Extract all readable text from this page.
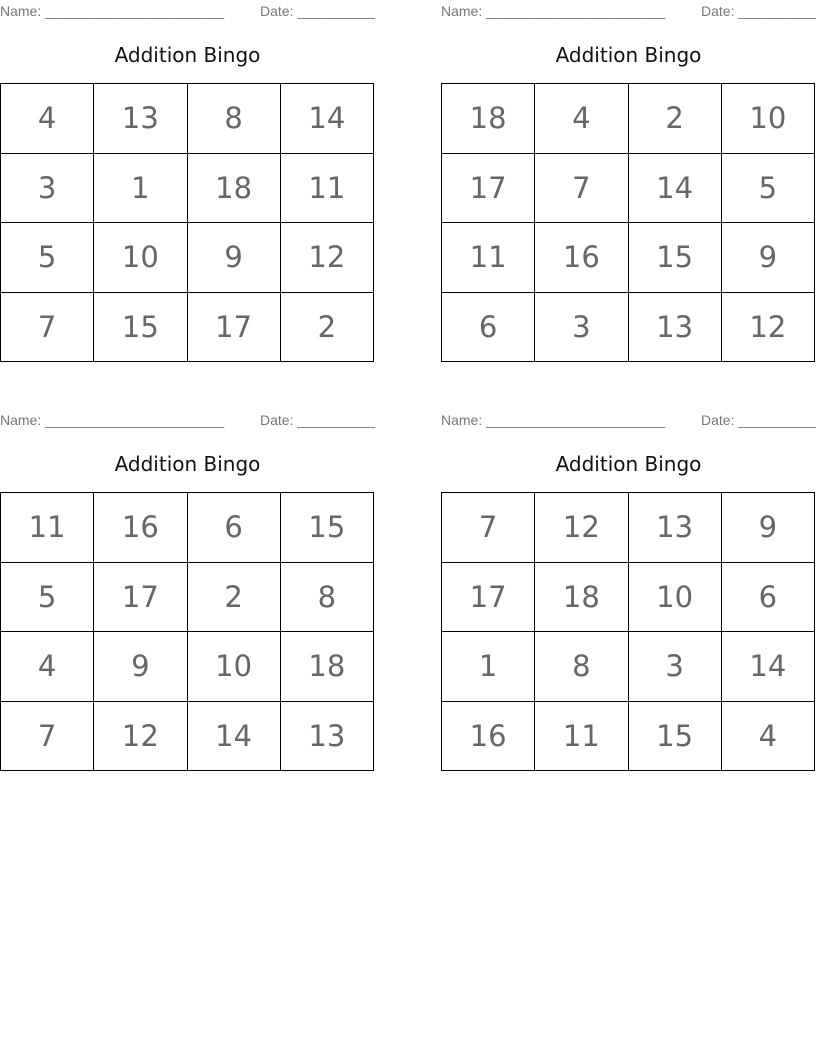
Name: _______________________	Date: __________
Addition Bingo
4	13	8	14
3	1	18	11
5	10	9	12
7	15	17	2
Name: _______________________	Date: __________
Addition Bingo
18	4	2	10
17	7	14	5
11	16	15	9
6	3	13	12
Name: _______________________	Date: __________
Addition Bingo
11	16	6	15
5	17	2	8
4	9	10	18
7	12	14	13
Name: _______________________	Date: __________
Addition Bingo
7	12	13	9
17	18	10	6
1	8	3	14
16	11	15	4
